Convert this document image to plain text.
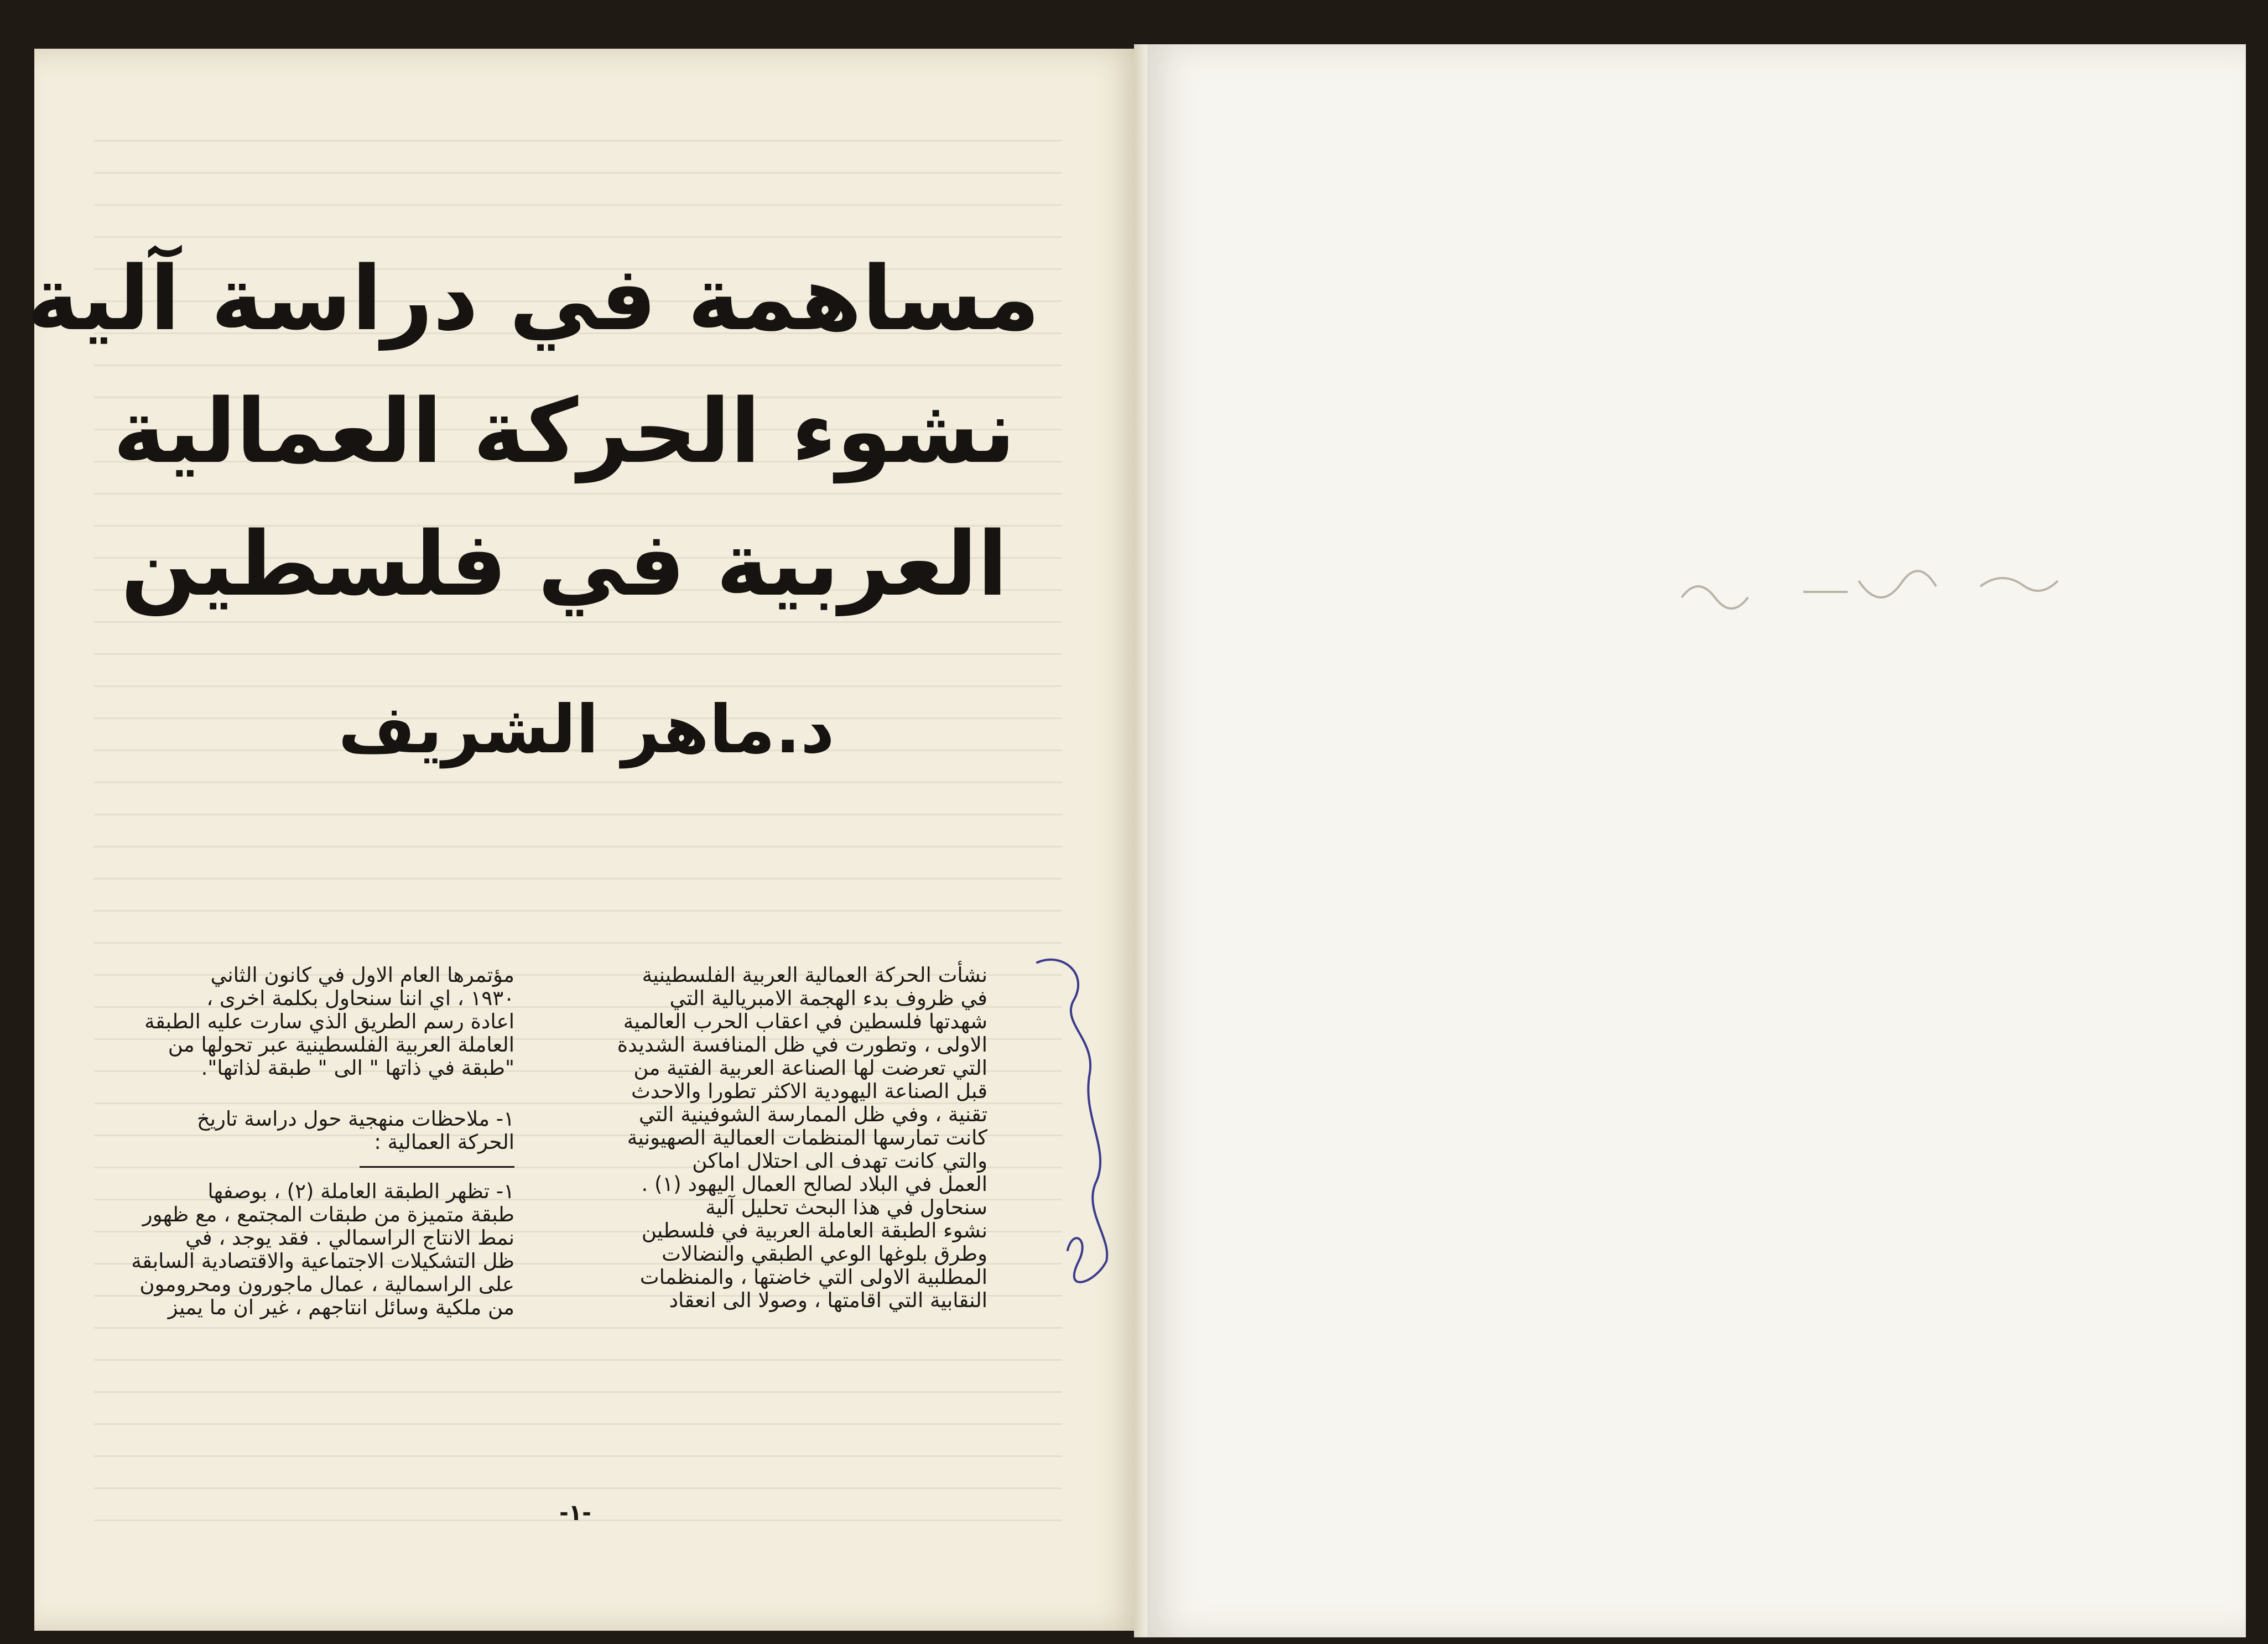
مساهمة في دراسة آلية
نشوء الحركة العمالية
العربية في فلسطين
د.ماهر الشريف

نشأت الحركة العمالية العربية الفلسطينية

في ظروف بدء الهجمة الامبريالية التي

شهدتها فلسطين في اعقاب الحرب العالمية

الاولى ، وتطورت في ظل المنافسة الشديدة

التي تعرضت لها الصناعة العربية الفتية من

قبل الصناعة اليهودية الاكثر تطورا والاحدث

تقنية ، وفي ظل الممارسة الشوفينية التي

كانت تمارسها المنظمات العمالية الصهيونية

والتي كانت تهدف الى احتلال اماكن

العمل في البلاد لصالح العمال اليهود (١) .

سنحاول في هذا البحث تحليل آلية

نشوء الطبقة العاملة العربية في فلسطين

وطرق بلوغها الوعي الطبقي والنضالات

المطلبية الاولى التي خاضتها ، والمنظمات

النقابية التي اقامتها ، وصولا الى انعقاد

مؤتمرها العام الاول في كانون الثاني

١٩٣٠ ، اي اننا سنحاول بكلمة اخرى ،

اعادة رسم الطريق الذي سارت عليه الطبقة

العاملة العربية الفلسطينية عبر تحولها من

"طبقة في ذاتها " الى " طبقة لذاتها".

١- ملاحظات منهجية حول دراسة تاريخ

الحركة العمالية :

١- تظهر الطبقة العاملة (٢) ، بوصفها

طبقة متميزة من طبقات المجتمع ، مع ظهور

نمط الانتاج الراسمالي . فقد يوجد ، في

ظل التشكيلات الاجتماعية والاقتصادية السابقة

على الراسمالية ، عمال ماجورون ومحرومون

من ملكية وسائل انتاجهم ، غير ان ما يميز

-١-
